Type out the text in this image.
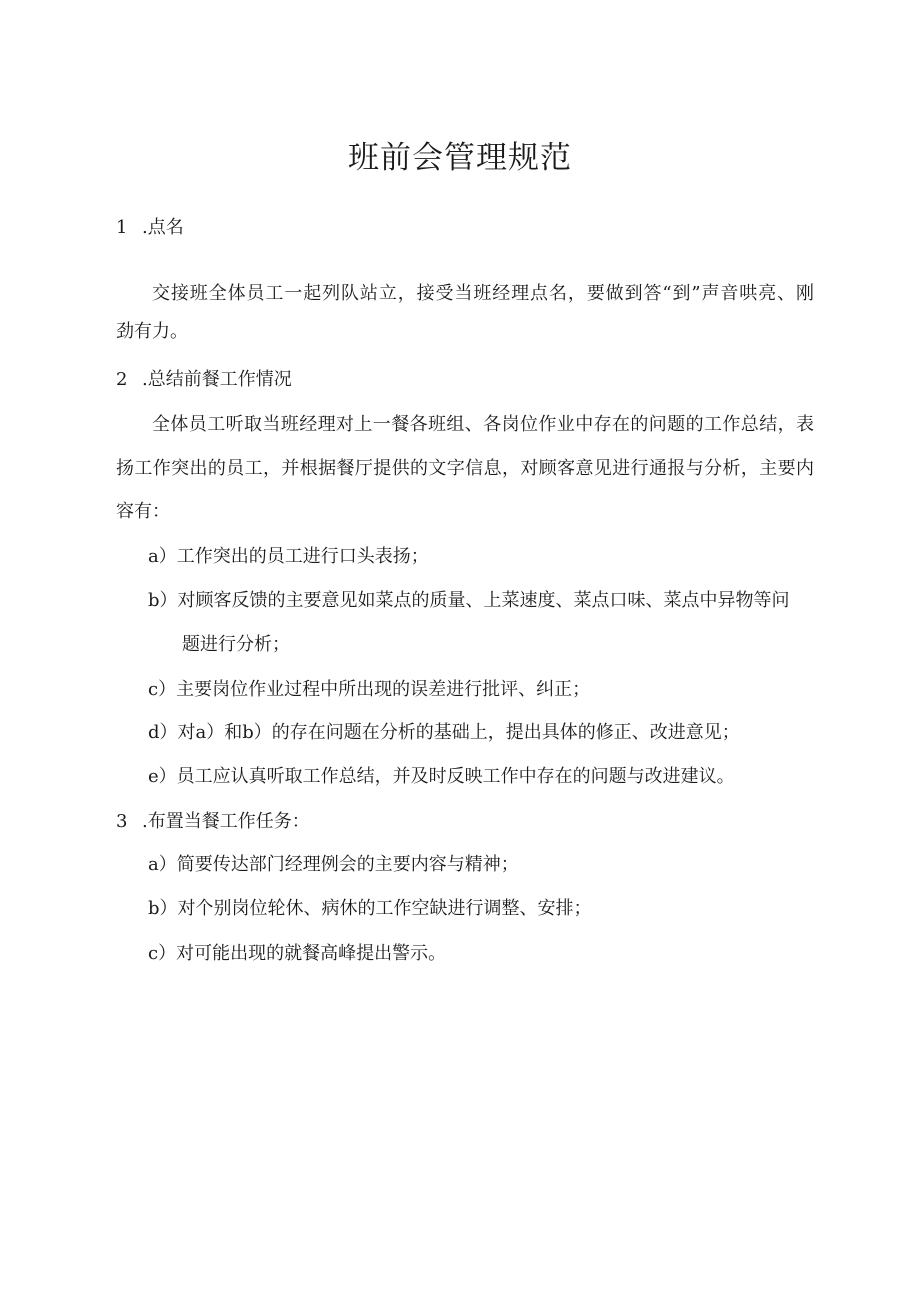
班前会管理规范
1 .点名
交接班全体员工一起列队站立，接受当班经理点名，要做到答“到”声音哄亮、刚
劲有力。
2 .总结前餐工作情况
全体员工听取当班经理对上一餐各班组、各岗位作业中存在的问题的工作总结，表
扬工作突出的员工，并根据餐厅提供的文字信息，对顾客意见进行通报与分析，主要内
容有：
a）工作突出的员工进行口头表扬；
b）对顾客反馈的主要意见如菜点的质量、上菜速度、菜点口味、菜点中异物等问
题进行分析；
c）主要岗位作业过程中所出现的误差进行批评、纠正；
d）对a）和b）的存在问题在分析的基础上，提出具体的修正、改进意见；
e）员工应认真听取工作总结，并及时反映工作中存在的问题与改进建议。
3 .布置当餐工作任务：
a）简要传达部门经理例会的主要内容与精神；
b）对个别岗位轮休、病休的工作空缺进行调整、安排；
c）对可能出现的就餐高峰提出警示。
